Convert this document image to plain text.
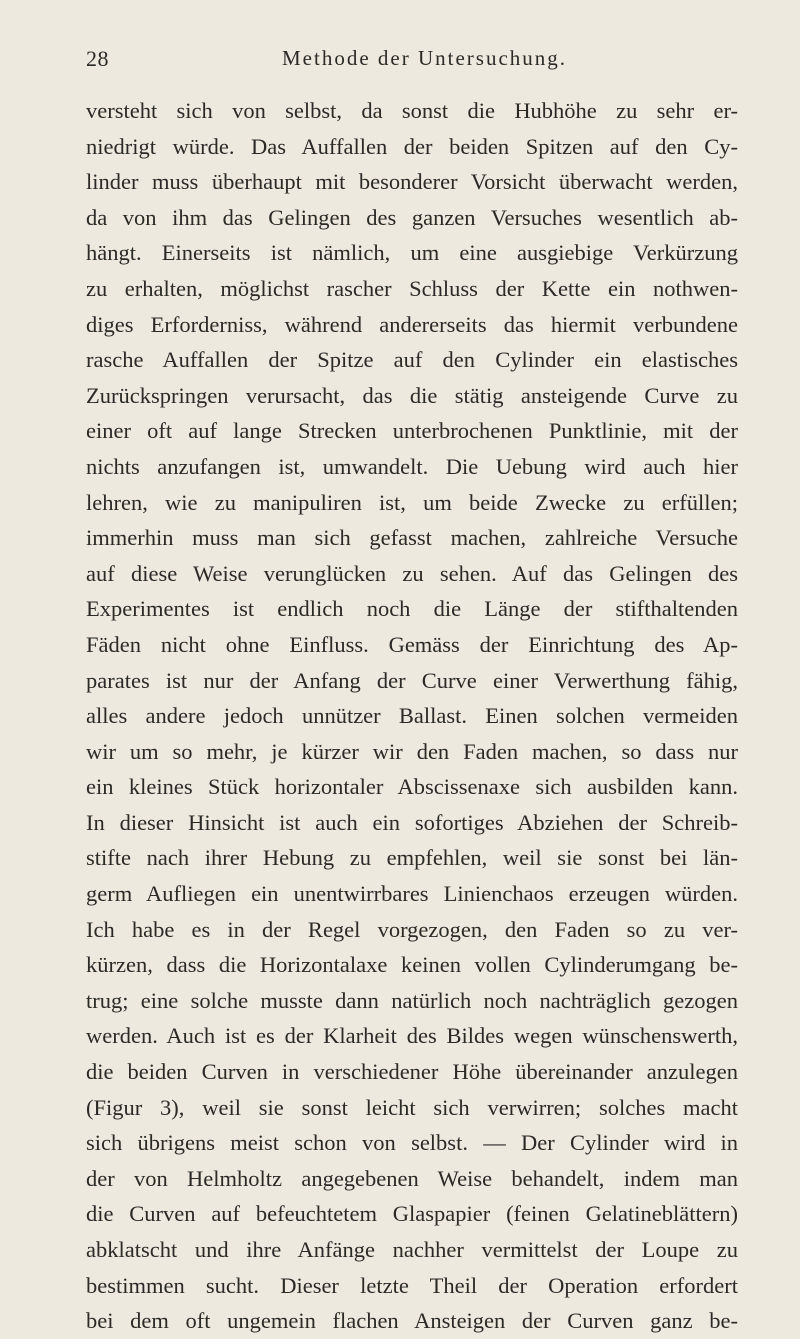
28	Methode der Untersuchung.
versteht sich von selbst, da sonst die Hubhöhe zu sehr er-
niedrigt würde. Das Auffallen der beiden Spitzen auf den Cy-
linder muss überhaupt mit besonderer Vorsicht überwacht werden,
da von ihm das Gelingen des ganzen Versuches wesentlich ab-
hängt. Einerseits ist nämlich, um eine ausgiebige Verkürzung
zu erhalten, möglichst rascher Schluss der Kette ein nothwen-
diges Erforderniss, während andererseits das hiermit verbundene
rasche Auffallen der Spitze auf den Cylinder ein elastisches
Zurückspringen verursacht, das die stätig ansteigende Curve zu
einer oft auf lange Strecken unterbrochenen Punktlinie, mit der
nichts anzufangen ist, umwandelt. Die Uebung wird auch hier
lehren, wie zu manipuliren ist, um beide Zwecke zu erfüllen;
immerhin muss man sich gefasst machen, zahlreiche Versuche
auf diese Weise verunglücken zu sehen. Auf das Gelingen des
Experimentes ist endlich noch die Länge der stifthaltenden
Fäden nicht ohne Einfluss. Gemäss der Einrichtung des Ap-
parates ist nur der Anfang der Curve einer Verwerthung fähig,
alles andere jedoch unnützer Ballast. Einen solchen vermeiden
wir um so mehr, je kürzer wir den Faden machen, so dass nur
ein kleines Stück horizontaler Abscissenaxe sich ausbilden kann.
In dieser Hinsicht ist auch ein sofortiges Abziehen der Schreib-
stifte nach ihrer Hebung zu empfehlen, weil sie sonst bei län-
germ Aufliegen ein unentwirrbares Linienchaos erzeugen würden.
Ich habe es in der Regel vorgezogen, den Faden so zu ver-
kürzen, dass die Horizontalaxe keinen vollen Cylinderumgang be-
trug; eine solche musste dann natürlich noch nachträglich gezogen
werden. Auch ist es der Klarheit des Bildes wegen wünschenswerth,
die beiden Curven in verschiedener Höhe übereinander anzulegen
(Figur 3), weil sie sonst leicht sich verwirren; solches macht
sich übrigens meist schon von selbst. — Der Cylinder wird in
der von Helmholtz angegebenen Weise behandelt, indem man
die Curven auf befeuchtetem Glaspapier (feinen Gelatineblättern)
abklatscht und ihre Anfänge nachher vermittelst der Loupe zu
bestimmen sucht. Dieser letzte Theil der Operation erfordert
bei dem oft ungemein flachen Ansteigen der Curven ganz be-
